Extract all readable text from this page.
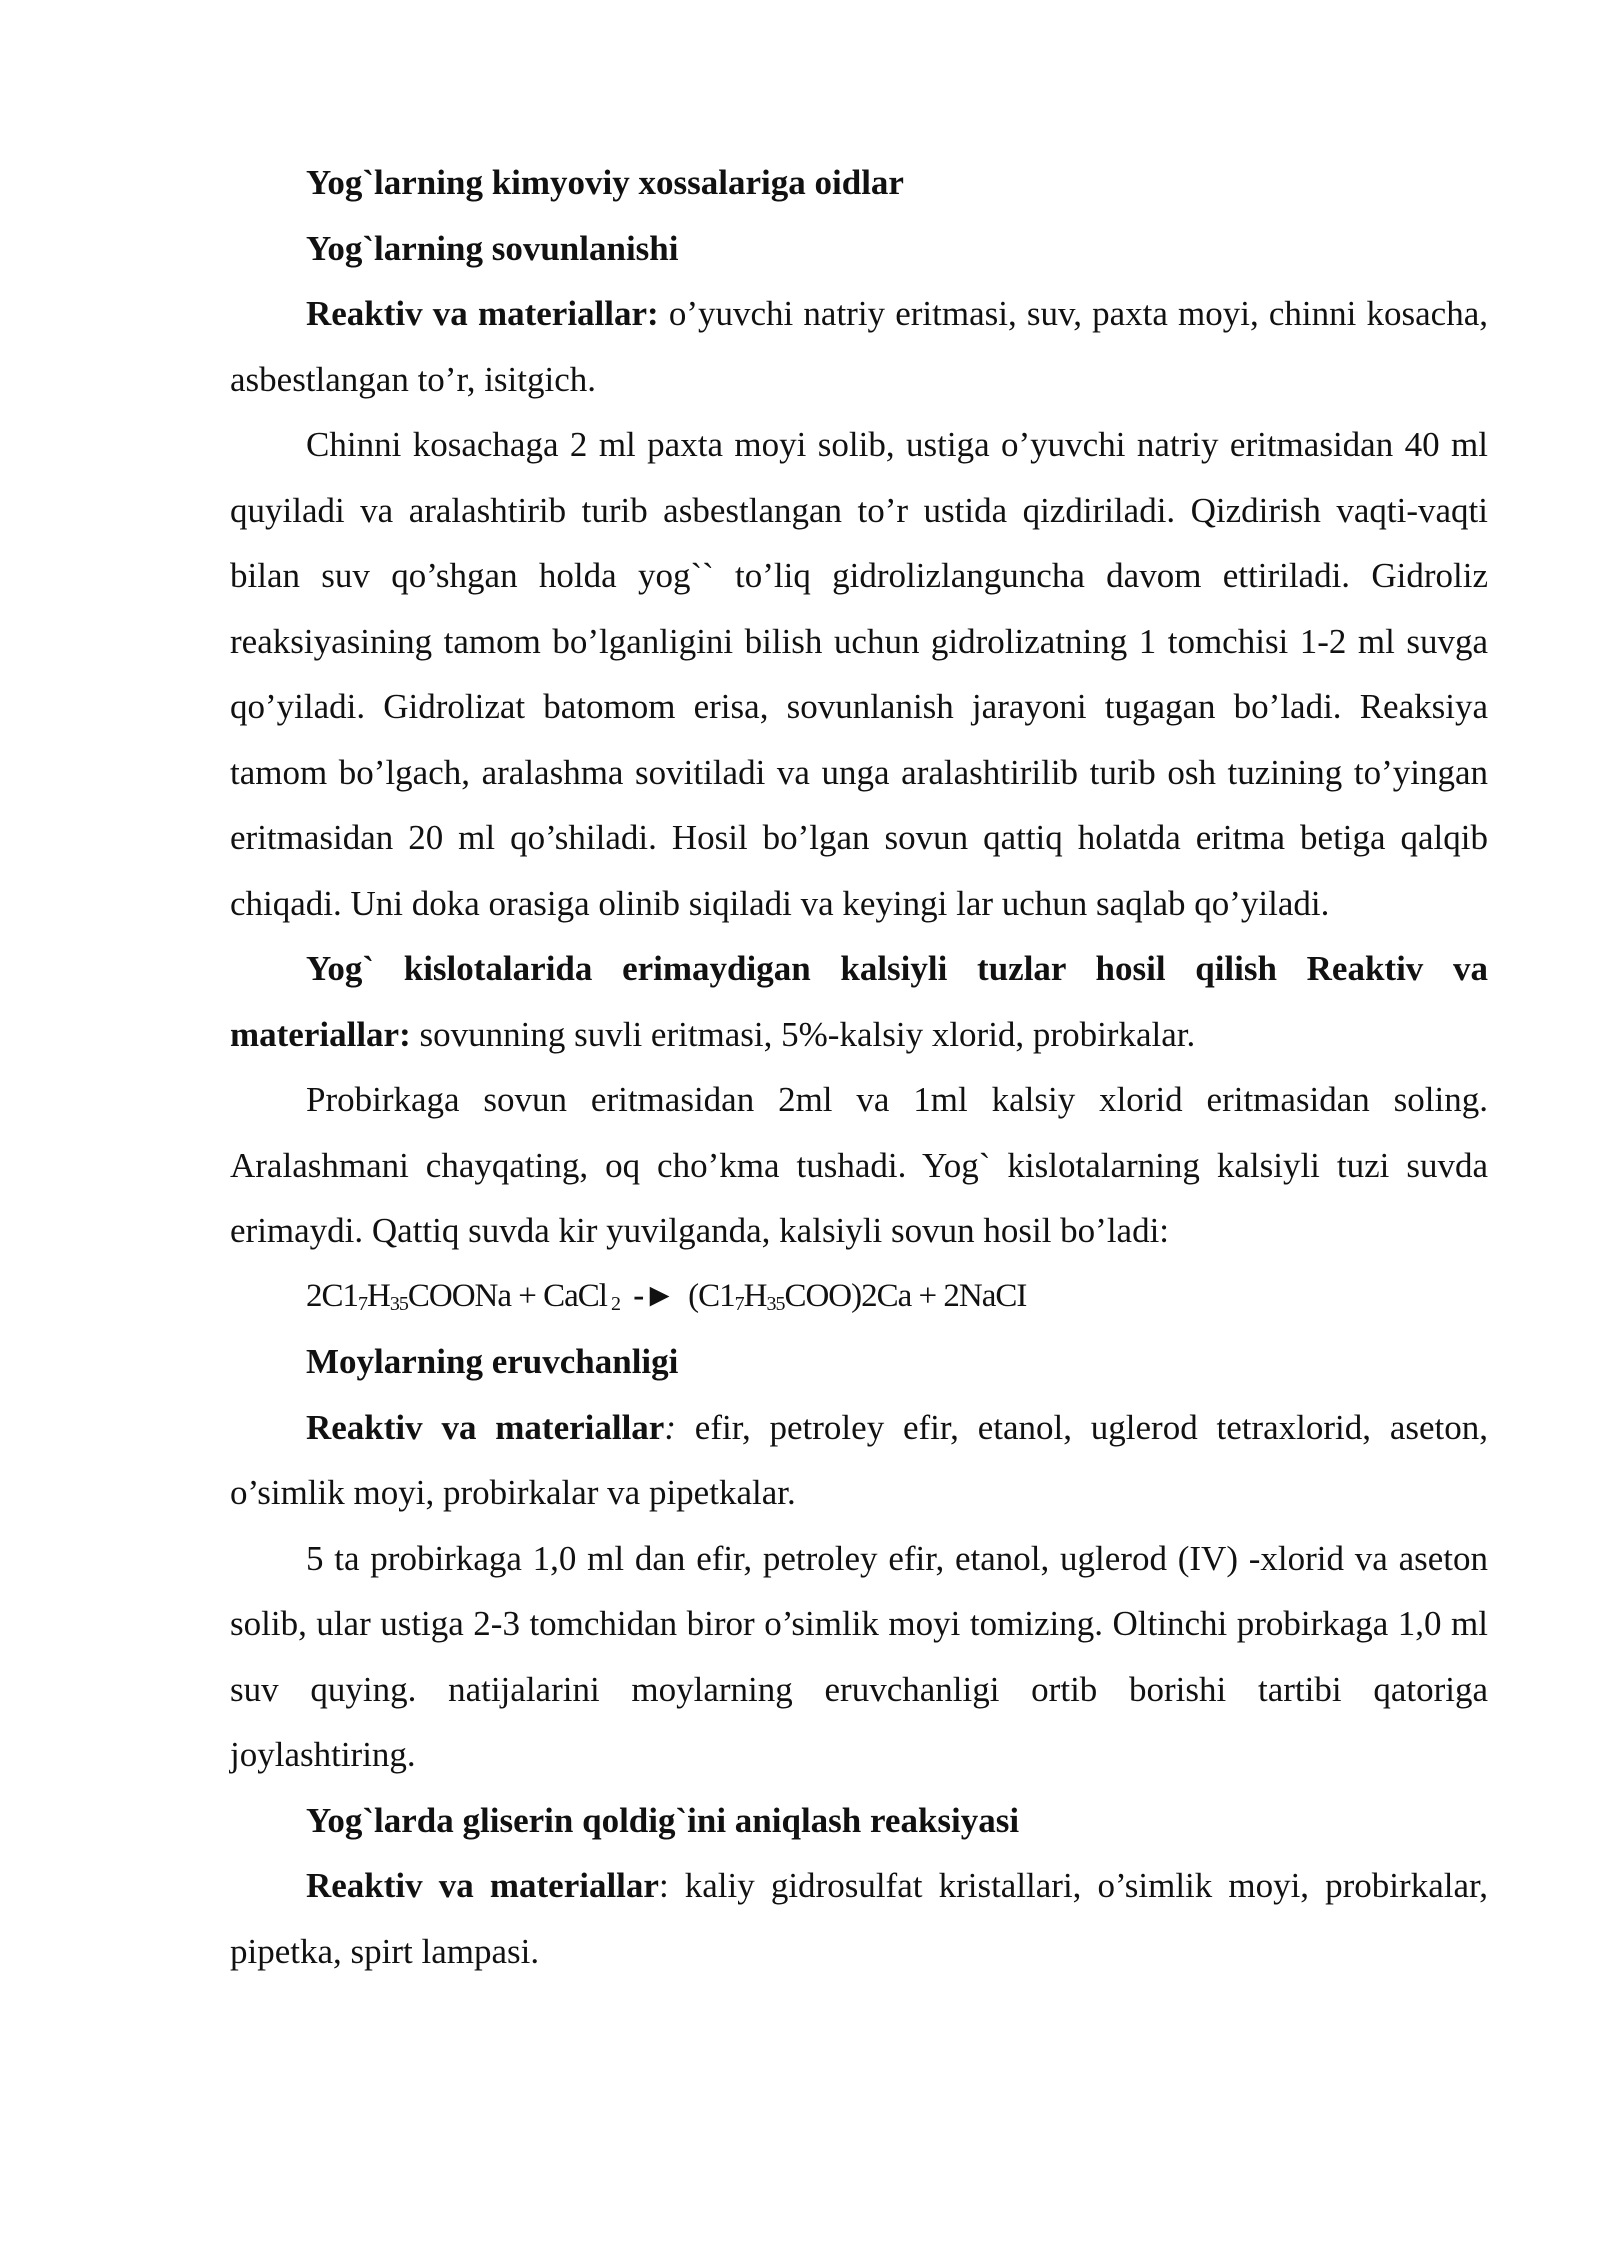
Yog`larning kimyoviy xossalariga oidlar

Yog`larning sovunlanishi

Reaktiv va materiallar: o’yuvchi natriy eritmasi, suv, paxta moyi, chinni kosacha, asbestlangan to’r, isitgich.

Chinni kosachaga 2 ml paxta moyi solib, ustiga o’yuvchi natriy eritmasidan 40 ml quyiladi va aralashtirib turib asbestlangan to’r ustida qizdiriladi. Qizdirish vaqti-vaqti bilan suv qo’shgan holda yog`` to’liq gidrolizlanguncha davom ettiriladi. Gidroliz reaksiyasining tamom bo’lganligini bilish uchun gidrolizatning 1 tomchisi 1-2 ml suvga qo’yiladi. Gidrolizat batomom erisa, sovunlanish jarayoni tugagan bo’ladi. Reaksiya tamom bo’lgach, aralashma sovitiladi va unga aralashtirilib turib osh tuzining to’yingan eritmasidan 20 ml qo’shiladi. Hosil bo’lgan sovun qattiq holatda eritma betiga qalqib chiqadi. Uni doka orasiga olinib siqiladi va keyingi lar uchun saqlab qo’yiladi.

Yog` kislotalarida erimaydigan kalsiyli tuzlar hosil qilish Reaktiv va materiallar: sovunning suvli eritmasi, 5%-kalsiy xlorid, probirkalar.

Probirkaga sovun eritmasidan 2ml va 1ml kalsiy xlorid eritmasidan soling. Aralashmani chayqating, oq cho’kma tushadi. Yog` kislotalarning kalsiyli tuzi suvda erimaydi. Qattiq suvda kir yuvilganda, kalsiyli sovun hosil bo’ladi:

$2C1_7H_{35}COONa$ + CaCl $_2$ -► $(C1_7H_{35}COO)2Ca$ + 2NaCI

Moylarning eruvchanligi

Reaktiv va materiallar: efir, petroley efir, etanol, uglerod tetraxlorid, aseton, o’simlik moyi, probirkalar va pipetkalar.

5 ta probirkaga 1,0 ml dan efir, petroley efir, etanol, uglerod (IV) -xlorid va aseton solib, ular ustiga 2-3 tomchidan biror o’simlik moyi tomizing. Oltinchi probirkaga 1,0 ml suv quying. natijalarini moylarning eruvchanligi ortib borishi tartibi qatoriga joylashtiring.

Yog`larda gliserin qoldig`ini aniqlash reaksiyasi

Reaktiv va materiallar: kaliy gidrosulfat kristallari, o’simlik moyi, probirkalar, pipetka, spirt lampasi.
